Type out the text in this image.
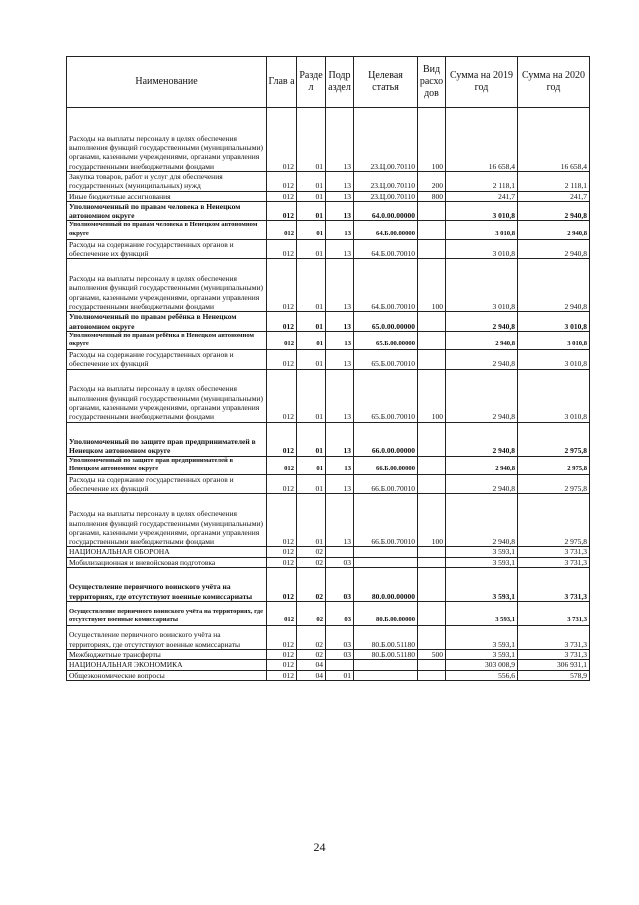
Наименование	Глав а	Разде л	Подр аздел	Целевая статья	Вид расхо дов	Сумма на 2019 год	Сумма на 2020 год
Расходы на выплаты персоналу в целях обеспечения выполнения функций государственными (муниципальными) органами, казенными учреждениями, органами управления государственными внебюджетными фондами	012	01	13	23.Ц.00.70110	100	16 658,4	16 658,4
Закупка товаров, работ и услуг для обеспечения государственных (муниципальных) нужд	012	01	13	23.Ц.00.70110	200	2 118,1	2 118,1
Иные бюджетные ассигнования	012	01	13	23.Ц.00.70110	800	241,7	241,7
Уполномоченный по правам человека в Ненецком автономном округе	012	01	13	64.0.00.00000		3 010,8	2 940,8
Уполномоченный по правам человека в Ненецком автономном округе	012	01	13	64.Б.00.00000		3 010,8	2 940,8
Расходы на содержание государственных органов и обеспечение их функций	012	01	13	64.Б.00.70010		3 010,8	2 940,8
Расходы на выплаты персоналу в целях обеспечения выполнения функций государственными (муниципальными) органами, казенными учреждениями, органами управления государственными внебюджетными фондами	012	01	13	64.Б.00.70010	100	3 010,8	2 940,8
Уполномоченный по правам ребёнка в Ненецком автономном округе	012	01	13	65.0.00.00000		2 940,8	3 010,8
Уполномоченный по правам ребёнка в Ненецком автономном округе	012	01	13	65.Б.00.00000		2 940,8	3 010,8
Расходы на содержание государственных органов и обеспечение их функций	012	01	13	65.Б.00.70010		2 940,8	3 010,8
Расходы на выплаты персоналу в целях обеспечения выполнения функций государственными (муниципальными) органами, казенными учреждениями, органами управления государственными внебюджетными фондами	012	01	13	65.Б.00.70010	100	2 940,8	3 010,8
Уполномоченный по защите прав предпринимателей в Ненецком автономном округе	012	01	13	66.0.00.00000		2 940,8	2 975,8
Уполномоченный по защите прав предпринимателей в Ненецком автономном округе	012	01	13	66.Б.00.00000		2 940,8	2 975,8
Расходы на содержание государственных органов и обеспечение их функций	012	01	13	66.Б.00.70010		2 940,8	2 975,8
Расходы на выплаты персоналу в целях обеспечения выполнения функций государственными (муниципальными) органами, казенными учреждениями, органами управления государственными внебюджетными фондами	012	01	13	66.Б.00.70010	100	2 940,8	2 975,8
НАЦИОНАЛЬНАЯ ОБОРОНА	012	02				3 593,1	3 731,3
Мобилизационная и вневойсковая подготовка	012	02	03			3 593,1	3 731,3
Осуществление первичного воинского учёта на территориях, где отсутствуют военные комиссариаты	012	02	03	80.0.00.00000		3 593,1	3 731,3
Осуществление первичного воинского учёта на территориях, где отсутствуют военные комиссариаты	012	02	03	80.Б.00.00000		3 593,1	3 731,3
Осуществление первичного воинского учёта на территориях, где отсутствуют военные комиссариаты	012	02	03	80.Б.00.51180		3 593,1	3 731,3
Межбюджетные трансферты	012	02	03	80.Б.00.51180	500	3 593,1	3 731,3
НАЦИОНАЛЬНАЯ ЭКОНОМИКА	012	04				303 008,9	306 931,1
Общеэкономические вопросы	012	04	01			556,6	578,9
24
